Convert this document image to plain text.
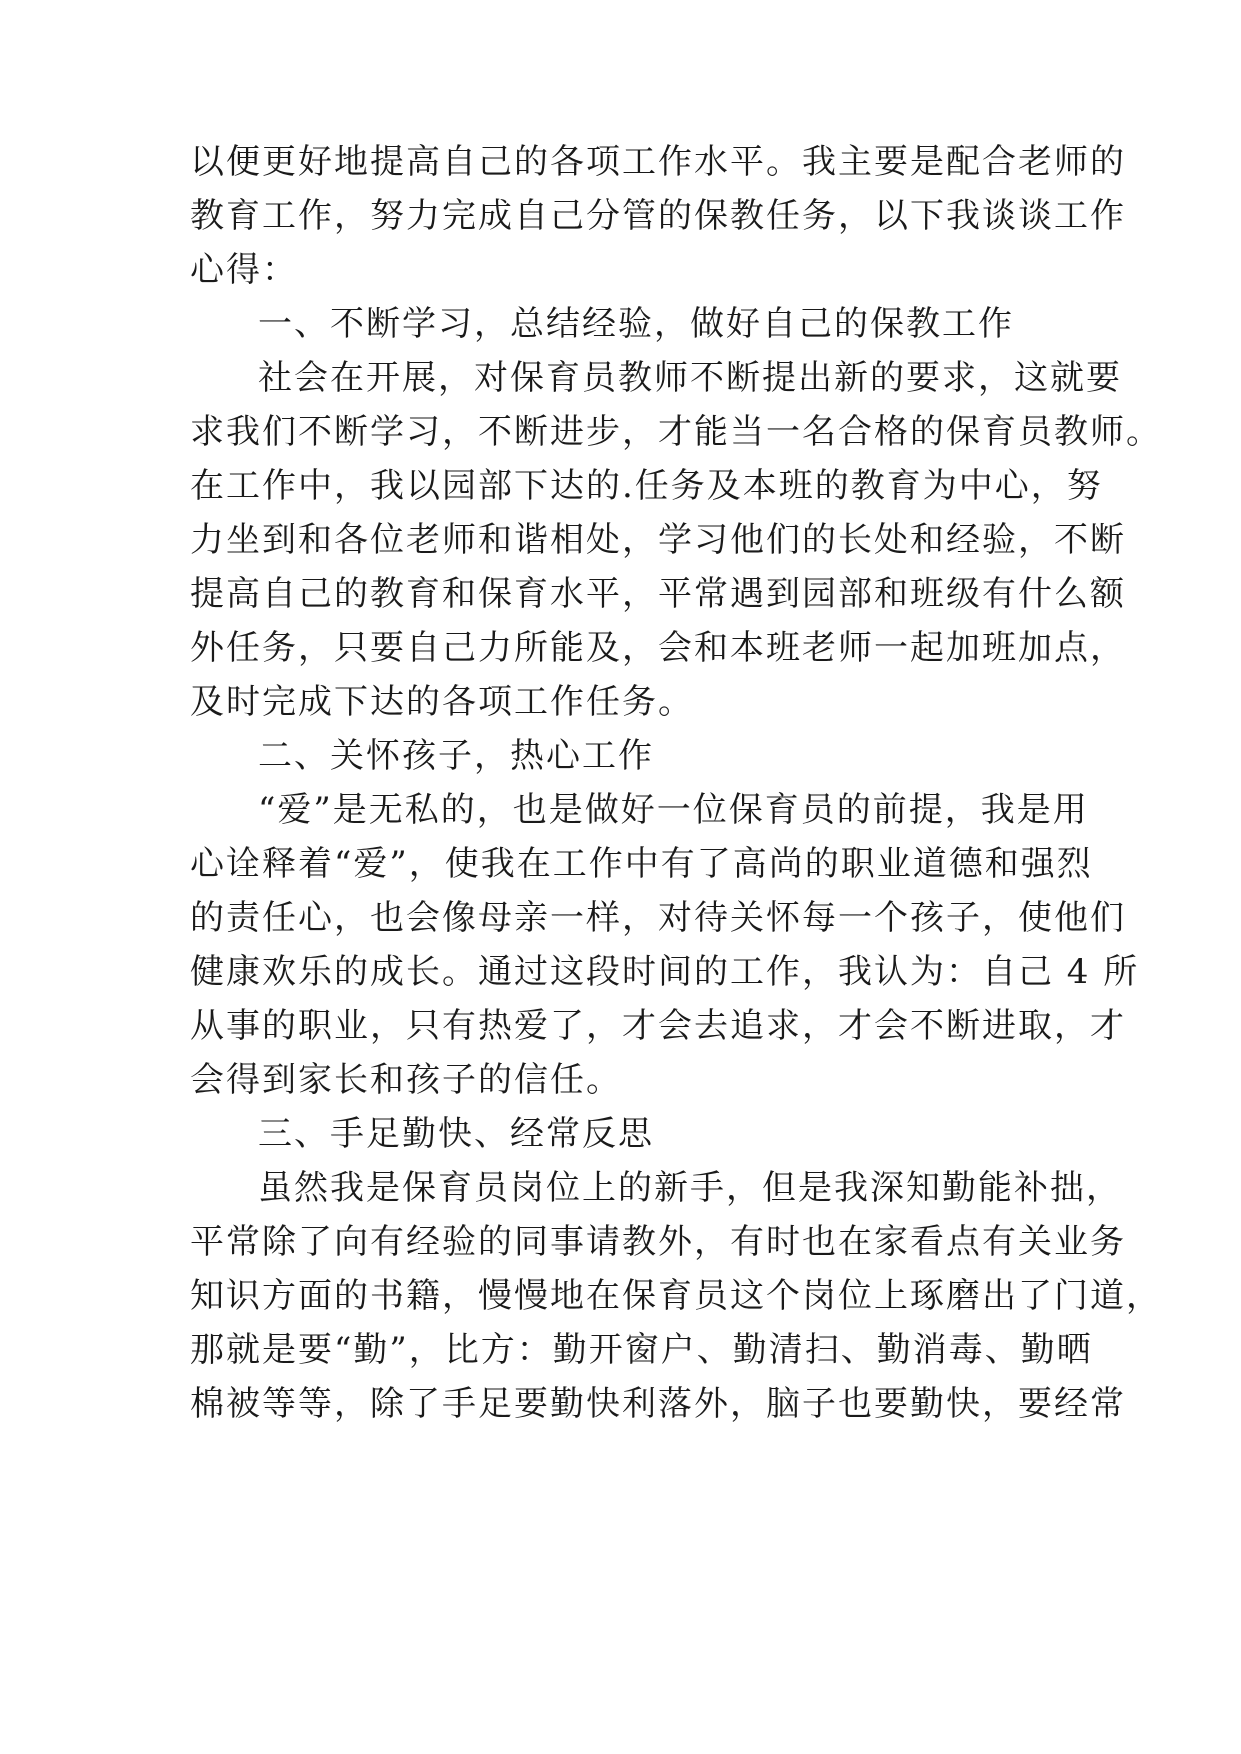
以便更好地提高自己的各项工作水平。我主要是配合老师的
教育工作，努力完成自己分管的保教任务，以下我谈谈工作
心得：
一、不断学习，总结经验，做好自己的保教工作
社会在开展，对保育员教师不断提出新的要求，这就要
求我们不断学习，不断进步，才能当一名合格的保育员教师。
在工作中，我以园部下达的.任务及本班的教育为中心，努
力坐到和各位老师和谐相处，学习他们的长处和经验，不断
提高自己的教育和保育水平，平常遇到园部和班级有什么额
外任务，只要自己力所能及，会和本班老师一起加班加点，
及时完成下达的各项工作任务。
二、关怀孩子，热心工作
“爱”是无私的，也是做好一位保育员的前提，我是用
心诠释着“爱”，使我在工作中有了高尚的职业道德和强烈
的责任心，也会像母亲一样，对待关怀每一个孩子，使他们
健康欢乐的成长。通过这段时间的工作，我认为：自己 4 所
从事的职业，只有热爱了，才会去追求，才会不断进取，才
会得到家长和孩子的信任。
三、手足勤快、经常反思
虽然我是保育员岗位上的新手，但是我深知勤能补拙，
平常除了向有经验的同事请教外，有时也在家看点有关业务
知识方面的书籍，慢慢地在保育员这个岗位上琢磨出了门道，
那就是要“勤”，比方：勤开窗户、勤清扫、勤消毒、勤晒
棉被等等，除了手足要勤快利落外，脑子也要勤快，要经常
